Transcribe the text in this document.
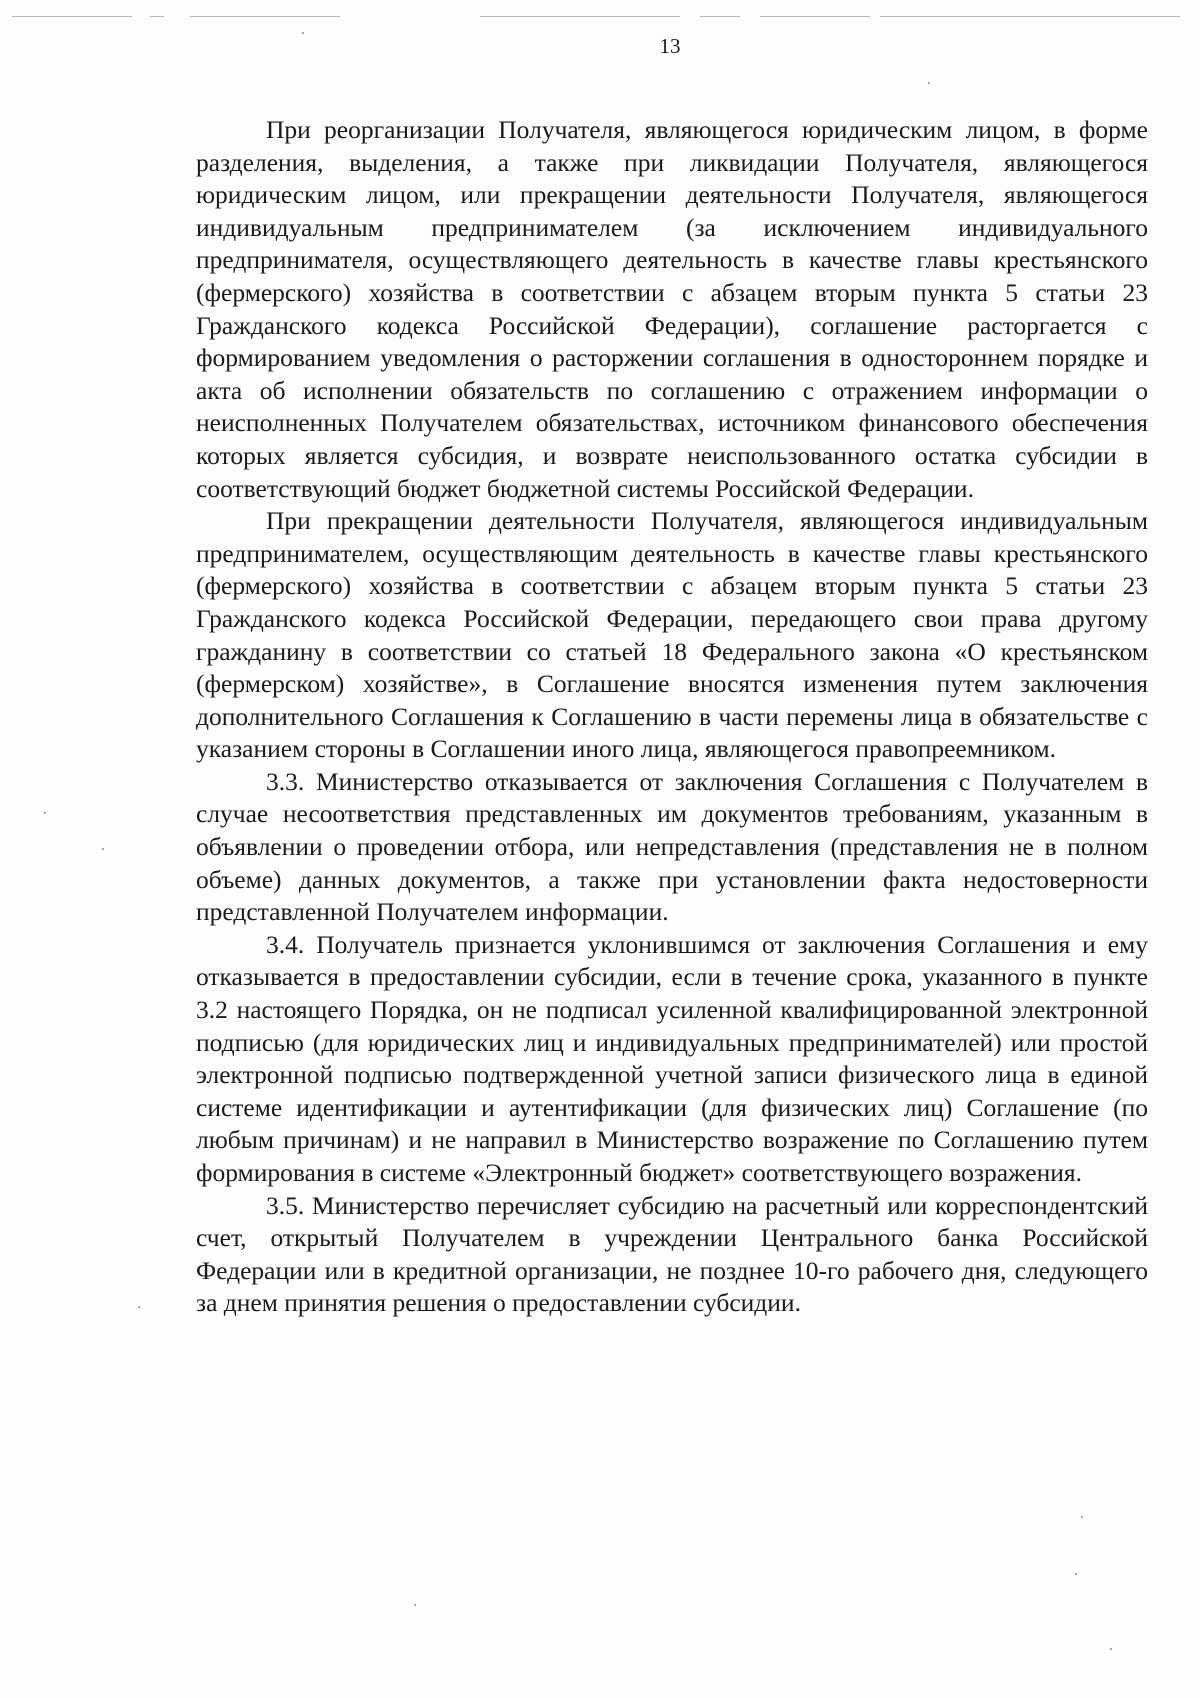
13

При реорганизации Получателя, являющегося юридическим лицом, в форме разделения, выделения, а также при ликвидации Получателя, являющегося юридическим лицом, или прекращении деятельности Получателя, являющегося индивидуальным предпринимателем (за исключением индивидуального предпринимателя, осуществляющего деятельность в качестве главы крестьянского (фермерского) хозяйства в соответствии с абзацем вторым пункта 5 статьи 23 Гражданского кодекса Российской Федерации), соглашение расторгается с формированием уведомления о расторжении соглашения в одностороннем порядке и акта об исполнении обязательств по соглашению с отражением информации о неисполненных Получателем обязательствах, источником финансового обеспечения которых является субсидия, и возврате неиспользованного остатка субсидии в соответствующий бюджет бюджетной системы Российской Федерации.

При прекращении деятельности Получателя, являющегося индивидуальным предпринимателем, осуществляющим деятельность в качестве главы крестьянского (фермерского) хозяйства в соответствии с абзацем вторым пункта 5 статьи 23 Гражданского кодекса Российской Федерации, передающего свои права другому гражданину в соответствии со статьей 18 Федерального закона «О крестьянском (фермерском) хозяйстве», в Соглашение вносятся изменения путем заключения дополнительного Соглашения к Соглашению в части перемены лица в обязательстве с указанием стороны в Соглашении иного лица, являющегося правопреемником.

3.3. Министерство отказывается от заключения Соглашения с Получателем в случае несоответствия представленных им документов требованиям, указанным в объявлении о проведении отбора, или непредставления (представления не в полном объеме) данных документов, а также при установлении факта недостоверности представленной Получателем информации.

3.4. Получатель признается уклонившимся от заключения Соглашения и ему отказывается в предоставлении субсидии, если в течение срока, указанного в пункте 3.2 настоящего Порядка, он не подписал усиленной квалифицированной электронной подписью (для юридических лиц и индивидуальных предпринимателей) или простой электронной подписью подтвержденной учетной записи физического лица в единой системе идентификации и аутентификации (для физических лиц) Соглашение (по любым причинам) и не направил в Министерство возражение по Соглашению путем формирования в системе «Электронный бюджет» соответствующего возражения.

3.5. Министерство перечисляет субсидию на расчетный или корреспондентский счет, открытый Получателем в учреждении Центрального банка Российской Федерации или в кредитной организации, не позднее 10-го рабочего дня, следующего за днем принятия решения о предоставлении субсидии.
